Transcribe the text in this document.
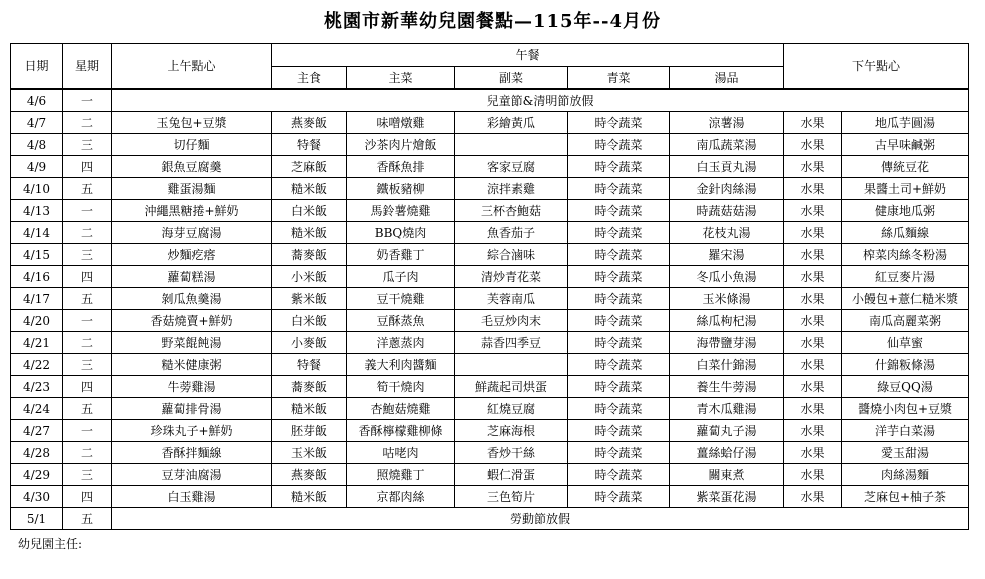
桃園市新華幼兒園餐點—115年--4月份
日期	星期	上午點心	午餐					下午點心	
			主食	主菜	副菜	青菜	湯品		
4/6	一	兒童節&清明節放假							
4/7	二	玉兔包+豆漿	燕麥飯	味噌燉雞	彩繪黃瓜	時令蔬菜	涼薯湯	水果	地瓜芋圓湯
4/8	三	切仔麵	特餐	沙茶肉片燴飯		時令蔬菜	南瓜蔬菜湯	水果	古早味鹹粥
4/9	四	銀魚豆腐羹	芝麻飯	香酥魚排	客家豆腐	時令蔬菜	白玉貢丸湯	水果	傳統豆花
4/10	五	雞蛋湯麵	糙米飯	鐵板豬柳	涼拌素雞	時令蔬菜	金針肉絲湯	水果	果醬土司+鮮奶
4/13	一	沖繩黑糖捲+鮮奶	白米飯	馬鈴薯燒雞	三杯杏鮑菇	時令蔬菜	時蔬菇菇湯	水果	健康地瓜粥
4/14	二	海芽豆腐湯	糙米飯	BBQ燒肉	魚香茄子	時令蔬菜	花枝丸湯	水果	絲瓜麵線
4/15	三	炒麵疙瘩	蕎麥飯	奶香雞丁	綜合滷味	時令蔬菜	羅宋湯	水果	榨菜肉絲冬粉湯
4/16	四	蘿蔔糕湯	小米飯	瓜子肉	清炒青花菜	時令蔬菜	冬瓜小魚湯	水果	紅豆麥片湯
4/17	五	剝瓜魚羹湯	紫米飯	豆干燒雞	芙蓉南瓜	時令蔬菜	玉米條湯	水果	小饅包+薏仁糙米漿
4/20	一	香菇燒賣+鮮奶	白米飯	豆酥蒸魚	毛豆炒肉末	時令蔬菜	絲瓜枸杞湯	水果	南瓜高麗菜粥
4/21	二	野菜餛飩湯	小麥飯	洋蔥蒸肉	蒜香四季豆	時令蔬菜	海帶鹽芽湯	水果	仙草蜜
4/22	三	糙米健康粥	特餐	義大利肉醬麵		時令蔬菜	白菜什錦湯	水果	什錦粄條湯
4/23	四	牛蒡雞湯	蕎麥飯	筍干燒肉	鮮蔬起司烘蛋	時令蔬菜	養生牛蒡湯	水果	綠豆QQ湯
4/24	五	蘿蔔排骨湯	糙米飯	杏鮑菇燒雞	紅燒豆腐	時令蔬菜	青木瓜雞湯	水果	醬燒小肉包+豆漿
4/27	一	珍珠丸子+鮮奶	胚芽飯	香酥檸檬雞柳條	芝麻海根	時令蔬菜	蘿蔔丸子湯	水果	洋芋白菜湯
4/28	二	香酥拌麵線	玉米飯	咕咾肉	香炒干絲	時令蔬菜	薑絲蛤仔湯	水果	愛玉甜湯
4/29	三	豆芽油腐湯	燕麥飯	照燒雞丁	蝦仁滑蛋	時令蔬菜	關東煮	水果	肉絲湯麵
4/30	四	白玉雞湯	糙米飯	京都肉絲	三色筍片	時令蔬菜	紫菜蛋花湯	水果	芝麻包+柚子茶
5/1	五	勞動節放假							
幼兒園主任:
